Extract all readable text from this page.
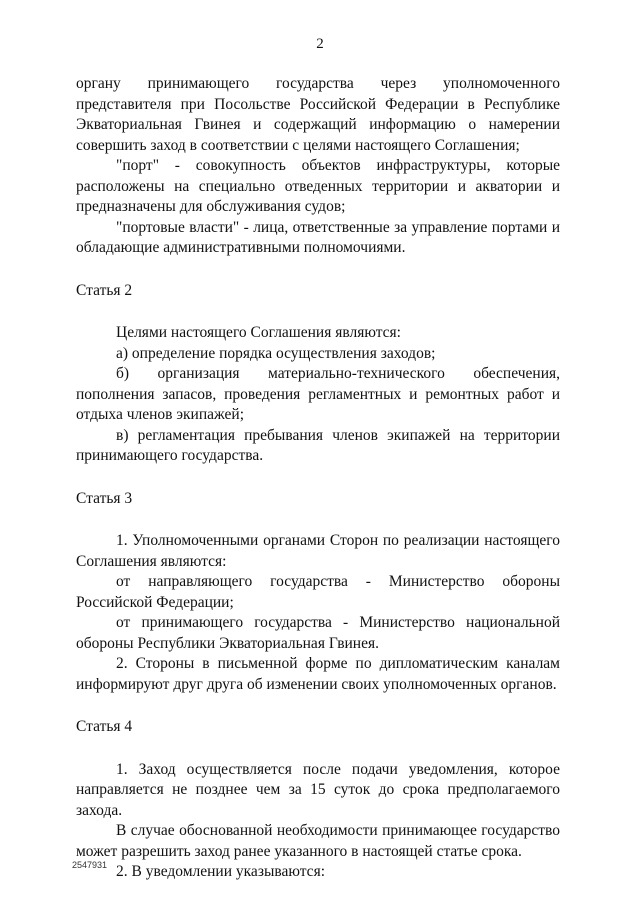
2

органу принимающего государства через уполномоченного представителя при Посольстве Российской Федерации в Республике Экваториальная Гвинея и содержащий информацию о намерении совершить заход в соответствии с целями настоящего Соглашения;

"порт" - совокупность объектов инфраструктуры, которые расположены на специально отведенных территории и акватории и предназначены для обслуживания судов;

"портовые власти" - лица, ответственные за управление портами и обладающие административными полномочиями.

Статья 2

Целями настоящего Соглашения являются:

а) определение порядка осуществления заходов;

б) организация материально-технического обеспечения, пополнения запасов, проведения регламентных и ремонтных работ и отдыха членов экипажей;

в) регламентация пребывания членов экипажей на территории принимающего государства.

Статья 3

1. Уполномоченными органами Сторон по реализации настоящего Соглашения являются:

от направляющего государства - Министерство обороны Российской Федерации;

от принимающего государства - Министерство национальной обороны Республики Экваториальная Гвинея.

2. Стороны в письменной форме по дипломатическим каналам информируют друг друга об изменении своих уполномоченных органов.

Статья 4

1. Заход осуществляется после подачи уведомления, которое направляется не позднее чем за 15 суток до срока предполагаемого захода.

В случае обоснованной необходимости принимающее государство может разрешить заход ранее указанного в настоящей статье срока.

2. В уведомлении указываются:

2547931
